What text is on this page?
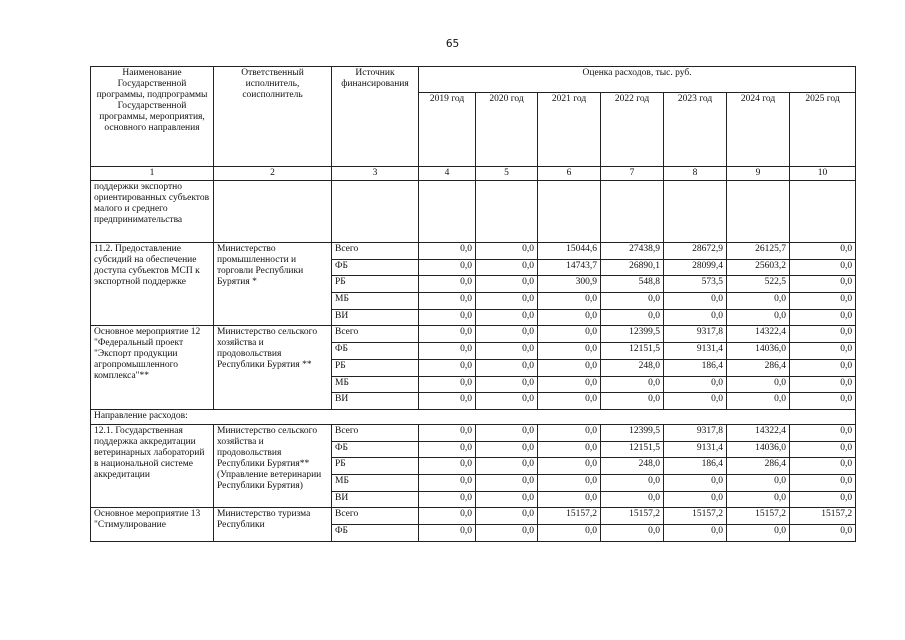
65
Наименование Государственной программы, подпрограммы Государственной программы, мероприятия, основного направления	Ответственный исполнитель, соисполнитель	Источник финансирования	Оценка расходов, тыс. руб.						
			2019 год	2020 год	2021 год	2022 год	2023 год	2024 год	2025 год
1	2	3	4	5	6	7	8	9	10
поддержки экспортно ориентированных субъектов малого и среднего предпринимательства									
11.2. Предоставление субсидий на обеспечение доступа субъектов МСП к экспортной поддержке	Министерство промышленности и торговли Республики Бурятия *	Всего	0,0	0,0	15044,6	27438,9	28672,9	26125,7	0,0
		ФБ	0,0	0,0	14743,7	26890,1	28099,4	25603,2	0,0
		РБ	0,0	0,0	300,9	548,8	573,5	522,5	0,0
		МБ	0,0	0,0	0,0	0,0	0,0	0,0	0,0
		ВИ	0,0	0,0	0,0	0,0	0,0	0,0	0,0
Основное мероприятие 12 "Федеральный проект "Экспорт продукции агропромышленного комплекса"**	Министерство сельского хозяйства и продовольствия Республики Бурятия **	Всего	0,0	0,0	0,0	12399,5	9317,8	14322,4	0,0
		ФБ	0,0	0,0	0,0	12151,5	9131,4	14036,0	0,0
		РБ	0,0	0,0	0,0	248,0	186,4	286,4	0,0
		МБ	0,0	0,0	0,0	0,0	0,0	0,0	0,0
		ВИ	0,0	0,0	0,0	0,0	0,0	0,0	0,0
Направление расходов:									
12.1. Государственная поддержка аккредитации ветеринарных лабораторий в национальной системе аккредитации	Министерство сельского хозяйства и продовольствия Республики Бурятия** (Управление ветеринарии Республики Бурятия)	Всего	0,0	0,0	0,0	12399,5	9317,8	14322,4	0,0
		ФБ	0,0	0,0	0,0	12151,5	9131,4	14036,0	0,0
		РБ	0,0	0,0	0,0	248,0	186,4	286,4	0,0
		МБ	0,0	0,0	0,0	0,0	0,0	0,0	0,0
		ВИ	0,0	0,0	0,0	0,0	0,0	0,0	0,0
Основное мероприятие 13 "Стимулирование	Министерство туризма Республики	Всего	0,0	0,0	15157,2	15157,2	15157,2	15157,2	15157,2
		ФБ	0,0	0,0	0,0	0,0	0,0	0,0	0,0
